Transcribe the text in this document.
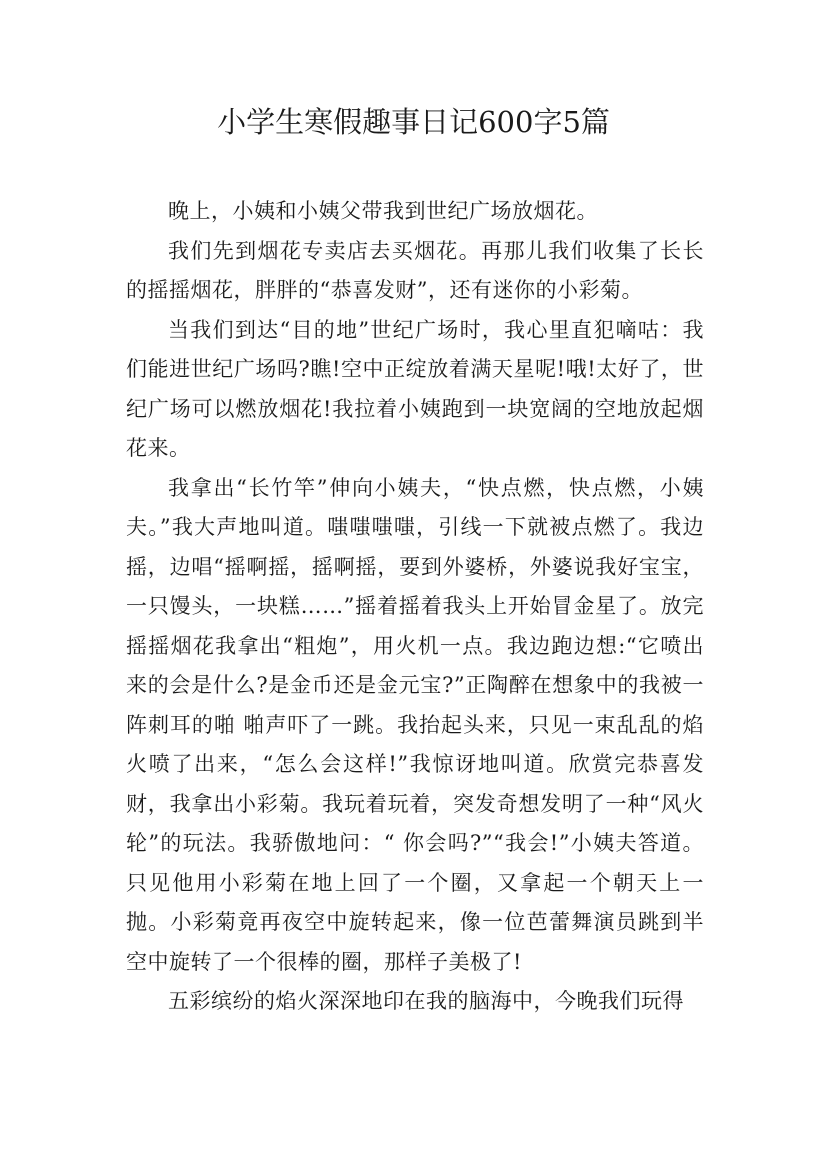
小学生寒假趣事日记600字5篇

晚上，小姨和小姨父带我到世纪广场放烟花。

我们先到烟花专卖店去买烟花。再那儿我们收集了长长的摇摇烟花，胖胖的“恭喜发财”，还有迷你的小彩菊。

当我们到达“目的地”世纪广场时，我心里直犯嘀咕：我们能进世纪广场吗?瞧!空中正绽放着满天星呢!哦!太好了，世纪广场可以燃放烟花!我拉着小姨跑到一块宽阔的空地放起烟花来。

我拿出“长竹竿”伸向小姨夫，“快点燃，快点燃，小姨夫。”我大声地叫道。嗤嗤嗤嗤，引线一下就被点燃了。我边摇，边唱“摇啊摇，摇啊摇，要到外婆桥，外婆说我好宝宝，一只馒头，一块糕……”摇着摇着我头上开始冒金星了。放完摇摇烟花我拿出“粗炮”，用火机一点。我边跑边想:“它喷出来的会是什么?是金币还是金元宝?”正陶醉在想象中的我被一阵刺耳的啪 啪声吓了一跳。我抬起头来，只见一束乱乱的焰火喷了出来，“怎么会这样!”我惊讶地叫道。欣赏完恭喜发财，我拿出小彩菊。我玩着玩着，突发奇想发明了一种“风火轮”的玩法。我骄傲地问：“ 你会吗?”“我会!”小姨夫答道。只见他用小彩菊在地上回了一个圈，又拿起一个朝天上一抛。小彩菊竟再夜空中旋转起来，像一位芭蕾舞演员跳到半空中旋转了一个很棒的圈，那样子美极了!

五彩缤纷的焰火深深地印在我的脑海中，今晚我们玩得
